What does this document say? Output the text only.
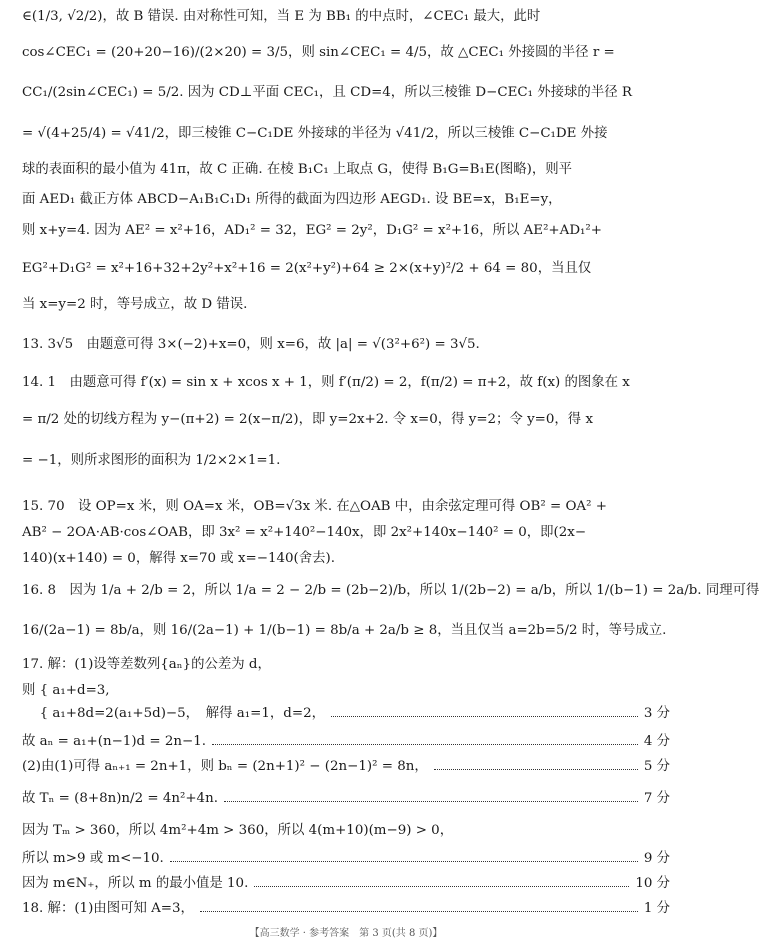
∈(1/3, √2/2)，故 B 错误. 由对称性可知，当 E 为 BB₁ 的中点时，∠CEC₁ 最大，此时
cos∠CEC₁ = (20+20−16)/(2×20) = 3/5，则 sin∠CEC₁ = 4/5，故 △CEC₁ 外接圆的半径 r =
CC₁/(2sin∠CEC₁) = 5/2. 因为 CD⊥平面 CEC₁，且 CD=4，所以三棱锥 D−CEC₁ 外接球的半径 R
= √(4+25/4) = √41/2，即三棱锥 C−C₁DE 外接球的半径为 √41/2，所以三棱锥 C−C₁DE 外接
球的表面积的最小值为 41π，故 C 正确. 在棱 B₁C₁ 上取点 G，使得 B₁G=B₁E(图略)，则平
面 AED₁ 截正方体 ABCD−A₁B₁C₁D₁ 所得的截面为四边形 AEGD₁. 设 BE=x，B₁E=y，
则 x+y=4. 因为 AE² = x²+16，AD₁² = 32，EG² = 2y²，D₁G² = x²+16，所以 AE²+AD₁²+
EG²+D₁G² = x²+16+32+2y²+x²+16 = 2(x²+y²)+64 ≥ 2×(x+y)²/2 + 64 = 80，当且仅
当 x=y=2 时，等号成立，故 D 错误.
13. 3√5　由题意可得 3×(−2)+x=0，则 x=6，故 |a| = √(3²+6²) = 3√5.
14. 1　由题意可得 f′(x) = sin x + xcos x + 1，则 f′(π/2) = 2，f(π/2) = π+2，故 f(x) 的图象在 x
= π/2 处的切线方程为 y−(π+2) = 2(x−π/2)，即 y=2x+2. 令 x=0，得 y=2；令 y=0，得 x
= −1，则所求图形的面积为 1/2×2×1=1.
15. 70　设 OP=x 米，则 OA=x 米，OB=√3x 米. 在△OAB 中，由余弦定理可得 OB² = OA² +
AB² − 2OA·AB·cos∠OAB，即 3x² = x²+140²−140x，即 2x²+140x−140² = 0，即(2x−
140)(x+140) = 0，解得 x=70 或 x=−140(舍去).
16. 8　因为 1/a + 2/b = 2，所以 1/a = 2 − 2/b = (2b−2)/b，所以 1/(2b−2) = a/b，所以 1/(b−1) = 2a/b. 同理可得
16/(2a−1) = 8b/a，则 16/(2a−1) + 1/(b−1) = 8b/a + 2a/b ≥ 8，当且仅当 a=2b=5/2 时，等号成立.
17. 解：(1)设等差数列{aₙ}的公差为 d，
则 { a₁+d=3,
　 { a₁+8d=2(a₁+5d)−5，　解得 a₁=1，d=2，	3 分
故 aₙ = a₁+(n−1)d = 2n−1.	4 分
(2)由(1)可得 aₙ₊₁ = 2n+1，则 bₙ = (2n+1)² − (2n−1)² = 8n，	5 分
故 Tₙ = (8+8n)n/2 = 4n²+4n.	7 分
因为 Tₘ > 360，所以 4m²+4m > 360，所以 4(m+10)(m−9) > 0，
所以 m>9 或 m<−10.	9 分
因为 m∈N₊，所以 m 的最小值是 10.	10 分
18. 解：(1)由图可知 A=3，	1 分
【高三数学 · 参考答案　第 3 页(共 8 页)】
